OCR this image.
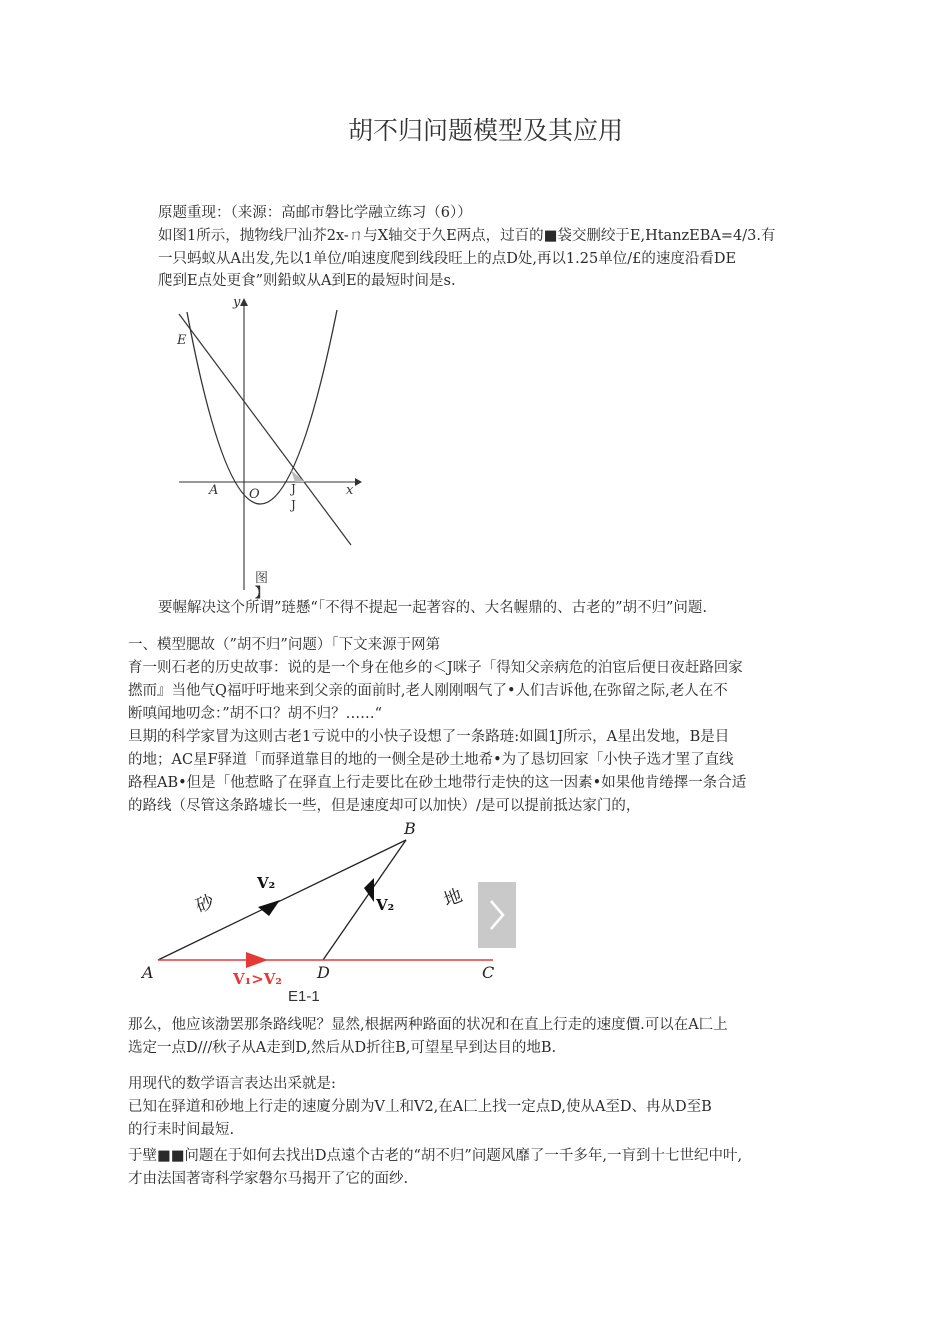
胡不归问题模型及其应用

原题重现：（来源：高邮市磐比学融立练习（6））

如图1所示，抛物线尸汕芥2x-ㄇ与X轴交于久E两点，过百的■袋交删绞于E,HtanzEBA=4/3.有

一只蚂蚁从A出发,先以1单位/咱速度爬到线段旺上的点D处,再以1.25单位/£的速度沿看DE

爬到E点处更食”则鉛蚁从A到E的最短时间是s.

y
x
E
A O	J
J
图
】

要幄解决这个所谓”琏懸“「不得不提起一起著容的、大名幄鼎的、古老的”胡不归”问题.

一、模型腮故（”胡不归”问题）「下文来源于网第

育一则石老的历史故事：说的是一个身在他乡的＜J咪子「得知父亲病危的泊宦后便日夜赶路回家

撚而』当他气Q福吁吁地来到父亲的面前时,老人刚刚咽气了•人们吉诉他,在弥留之际,老人在不

断嗔闻地叨念：”胡不口？胡不归？……“

旦期的科学家冒为这则古老1亏说中的小快子设想了一条路琏:如圓1J所示，A星出发地，B是目

的地；AC星F驿道「而驿道靠目的地的一侧全是砂土地希•为了恳切回家「小快子选才罣了直线

路程AB•但是「他惹略了在驿直上行走要比在砂土地带行走快的这一因素•如果他肯绻擇一条合适

的路线（尽管这条路墟长一些，但是速度却可以加快）/是可以提前抵达家门的，

B
A	D	C
V₂
V₂
V₁>V₂
砂	地
E1-1

那么，他应该渤罢那条路线呢？显然,根据两种路面的状况和在直上行走的速度價.可以在A匚上

选定一点D///秋子从A走到D,然后从D折往B,可望星早到达目的地B.

用现代的数学语言表达出采就是:

已知在驿道和砂地上行走的速廈分剧为V丄和V2,在A匚上找一定点D,使从A至D、冉从D至B

的行耒时间最短.

于壁■■问题在于如何去找出D点遠个古老的“胡不归”问题风靡了一千多年,一肓到十七世纪中叶,

才由法国著寄科学家磐尔马揭开了它的面纱.
